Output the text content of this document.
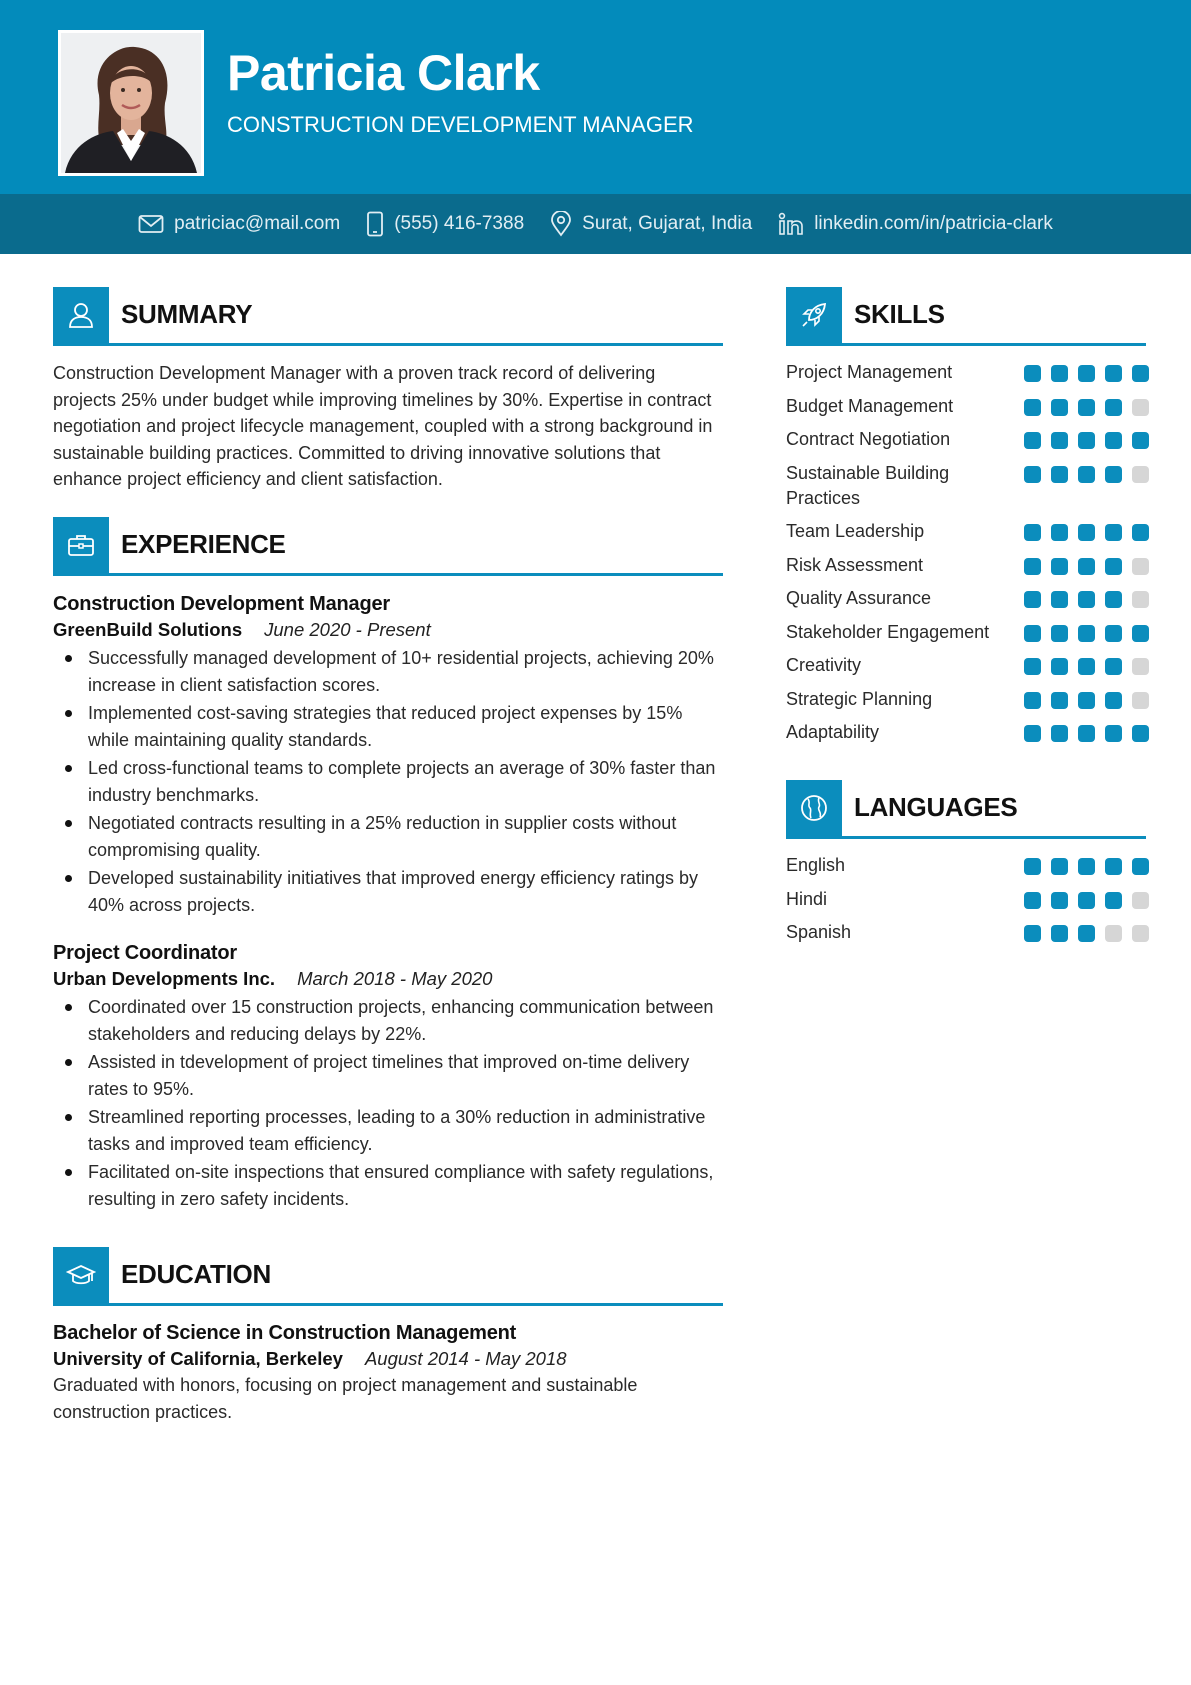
Patricia Clark
CONSTRUCTION DEVELOPMENT MANAGER
patriciac@mail.com	(555) 416-7388	Surat, Gujarat, India	linkedin.com/in/patricia-clark
SUMMARY
Construction Development Manager with a proven track record of delivering projects 25% under budget while improving timelines by 30%. Expertise in contract negotiation and project lifecycle management, coupled with a strong background in sustainable building practices. Committed to driving innovative solutions that enhance project efficiency and client satisfaction.
EXPERIENCE
Construction Development Manager
GreenBuild Solutions June 2020 - Present
Successfully managed development of 10+ residential projects, achieving 20% increase in client satisfaction scores.
Implemented cost-saving strategies that reduced project expenses by 15% while maintaining quality standards.
Led cross-functional teams to complete projects an average of 30% faster than industry benchmarks.
Negotiated contracts resulting in a 25% reduction in supplier costs without compromising quality.
Developed sustainability initiatives that improved energy efficiency ratings by 40% across projects.
Project Coordinator
Urban Developments Inc. March 2018 - May 2020
Coordinated over 15 construction projects, enhancing communication between stakeholders and reducing delays by 22%.
Assisted in tdevelopment of project timelines that improved on-time delivery rates to 95%.
Streamlined reporting processes, leading to a 30% reduction in administrative tasks and improved team efficiency.
Facilitated on-site inspections that ensured compliance with safety regulations, resulting in zero safety incidents.
EDUCATION
Bachelor of Science in Construction Management
University of California, Berkeley August 2014 - May 2018
Graduated with honors, focusing on project management and sustainable construction practices.
SKILLS
Project Management
Budget Management
Contract Negotiation
Sustainable Building Practices
Team Leadership
Risk Assessment
Quality Assurance
Stakeholder Engagement
Creativity
Strategic Planning
Adaptability
LANGUAGES
English
Hindi
Spanish
